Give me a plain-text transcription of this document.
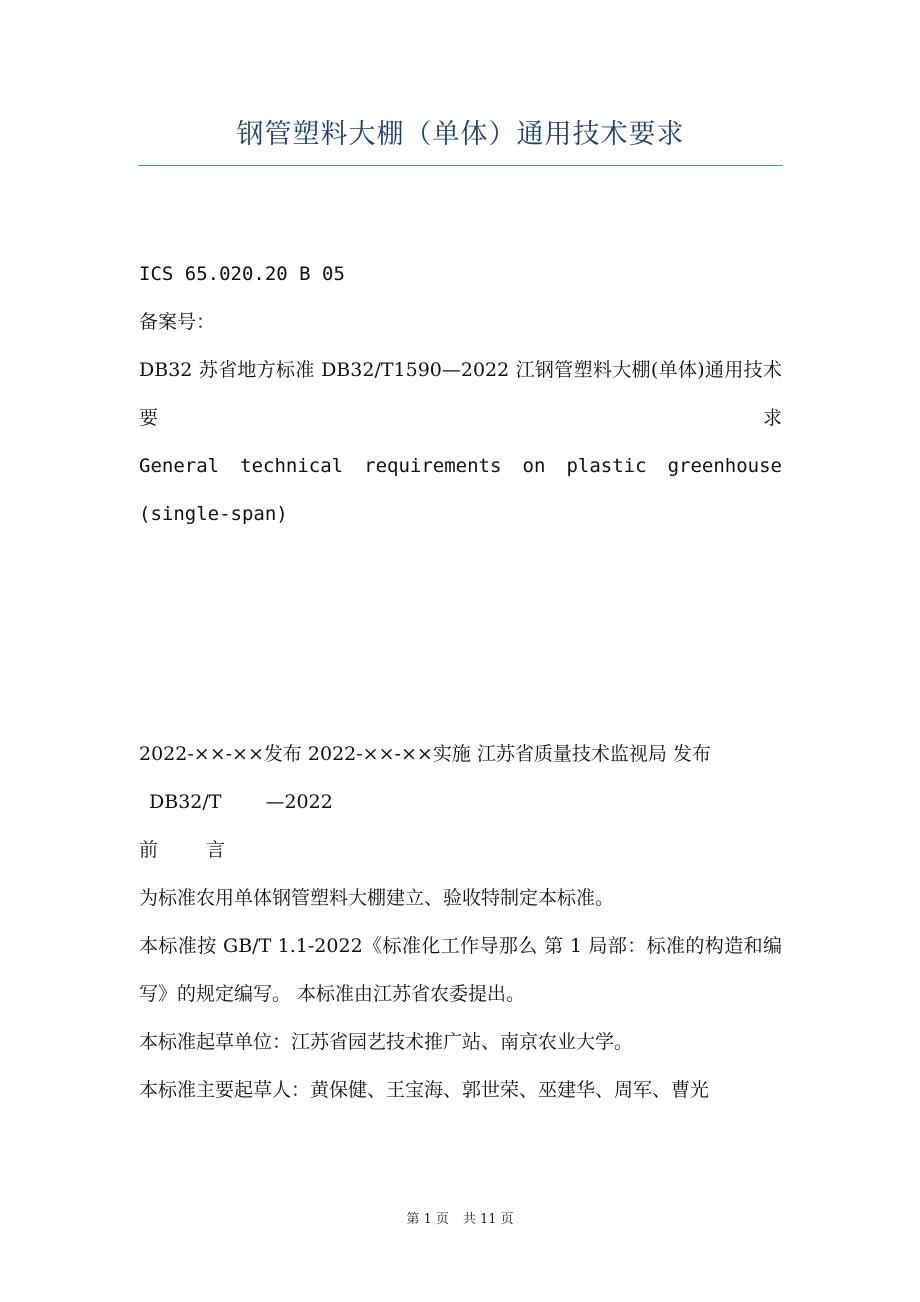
钢管塑料大棚（单体）通用技术要求

ICS 65.020.20 B 05

备案号：

DB32 苏省地方标准 DB32/T1590—2022 江钢管塑料大棚(单体)通用技术要求

General technical requirements on plastic greenhouse (single-span)

2022-××-××发布 2022-××-××实施 江苏省质量技术监视局 发布

DB32/T —2022

前	言

为标准农用单体钢管塑料大棚建立、验收特制定本标准。

本标准按 GB/T 1.1-2022《标准化工作导那么 第 1 局部：标准的构造和编写》的规定编写。 本标准由江苏省农委提出。

本标准起草单位：江苏省园艺技术推广站、南京农业大学。

本标准主要起草人：黄保健、王宝海、郭世荣、巫建华、周军、曹光

第 1 页 共 11 页
